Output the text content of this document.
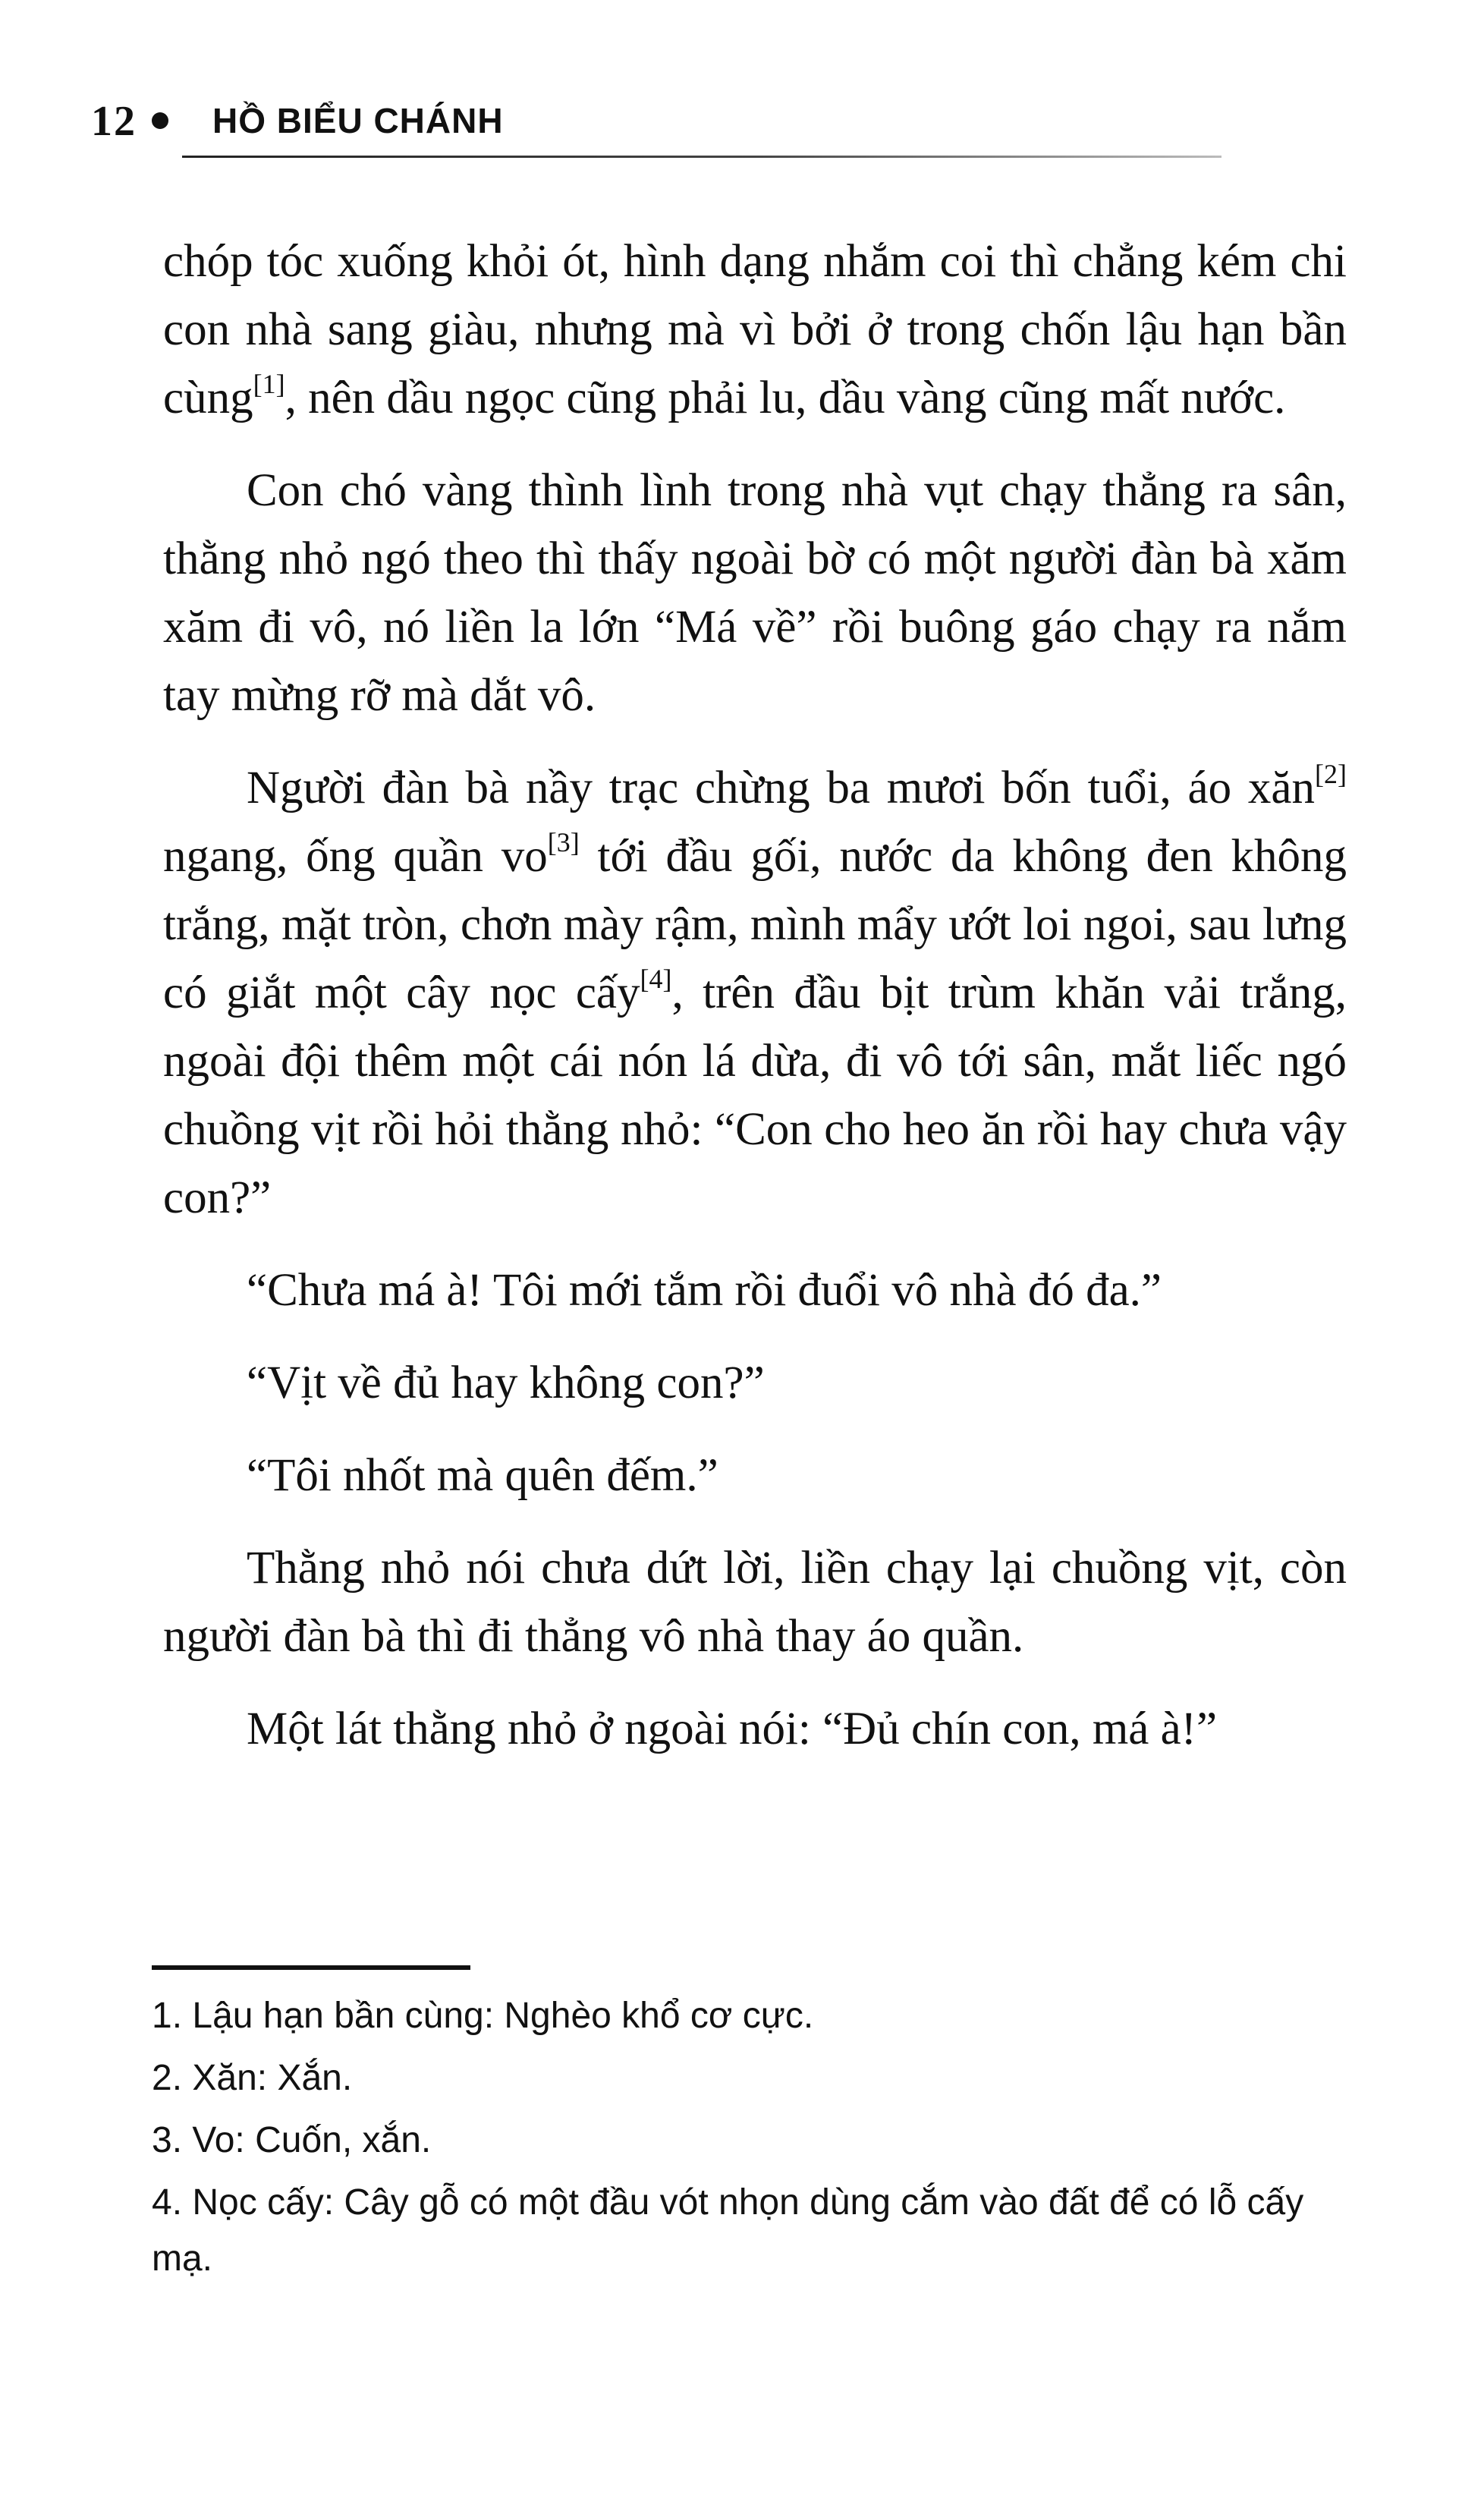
12 HỒ BIỂU CHÁNH

chóp tóc xuống khỏi ót, hình dạng nhắm coi thì chẳng kém chi con nhà sang giàu, nhưng mà vì bởi ở trong chốn lậu hạn bần cùng[1], nên dầu ngọc cũng phải lu, dầu vàng cũng mất nước.

Con chó vàng thình lình trong nhà vụt chạy thẳng ra sân, thằng nhỏ ngó theo thì thấy ngoài bờ có một người đàn bà xăm xăm đi vô, nó liền la lớn “Má về” rồi buông gáo chạy ra nắm tay mừng rỡ mà dắt vô.

Người đàn bà nầy trạc chừng ba mươi bốn tuổi, áo xăn[2] ngang, ống quần vo[3] tới đầu gối, nước da không đen không trắng, mặt tròn, chơn mày rậm, mình mẩy ướt loi ngoi, sau lưng có giắt một cây nọc cấy[4], trên đầu bịt trùm khăn vải trắng, ngoài đội thêm một cái nón lá dừa, đi vô tới sân, mắt liếc ngó chuồng vịt rồi hỏi thằng nhỏ: “Con cho heo ăn rồi hay chưa vậy con?”

“Chưa má à! Tôi mới tắm rồi đuổi vô nhà đó đa.”

“Vịt về đủ hay không con?”

“Tôi nhốt mà quên đếm.”

Thằng nhỏ nói chưa dứt lời, liền chạy lại chuồng vịt, còn người đàn bà thì đi thẳng vô nhà thay áo quần.

Một lát thằng nhỏ ở ngoài nói: “Đủ chín con, má à!”

1. Lậu hạn bần cùng: Nghèo khổ cơ cực.
2. Xăn: Xắn.
3. Vo: Cuốn, xắn.
4. Nọc cấy: Cây gỗ có một đầu vót nhọn dùng cắm vào đất để có lỗ cấy mạ.
